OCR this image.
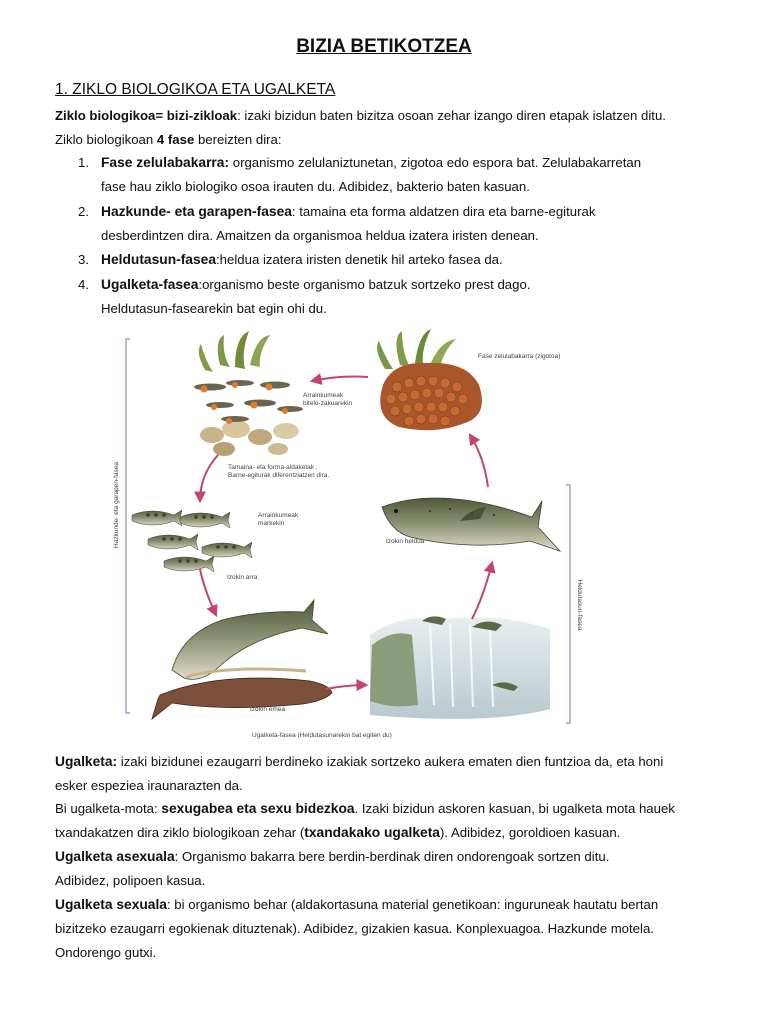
BIZIA BETIKOTZEA
1. ZIKLO BIOLOGIKOA ETA UGALKETA

Ziklo biologikoa= bizi-zikloak: izaki bizidun baten bizitza osoan zehar izango diren etapak islatzen ditu.
Ziklo biologikoan 4 fase bereizten dira:

1. Fase zelulabakarra: organismo zelulaniztunetan, zigotoa edo espora bat. Zelulabakarretan
fase hau ziklo biologiko osoa irauten du. Adibidez, bakterio baten kasuan.
2. Hazkunde- eta garapen-fasea: tamaina eta forma aldatzen dira eta barne-egiturak
desberdintzen dira. Amaitzen da organismoa heldua izatera iristen denean.
3. Heldutasun-fasea:heldua izatera iristen denetik hil arteko fasea da.
4. Ugalketa-fasea:organismo beste organismo batzuk sortzeko prest dago.
Heldutasun-fasearekin bat egin ohi du.
Hazkunde- eta garapen-fasea
Heldutasun-fasea
Arrainkumeak
bitelo-zakuarekin
Tamaina- eta forma-aldaketak .
Barne-egiturak diferentziatzen dira.
Fase zelulabakarra (zigotoa)
Arrainkumeak
markekin
Izokin heldua
Izokin arra
Izokin emea
Ugalketa-fasea (Heldutasunarekin bat egiten du)

Ugalketa: izaki bizidunei ezaugarri berdineko izakiak sortzeko aukera ematen dien funtzioa da, eta honi
esker espeziea iraunarazten da.

Bi ugalketa-mota: sexugabea eta sexu bidezkoa. Izaki bizidun askoren kasuan, bi ugalketa mota hauek
txandakatzen dira ziklo biologikoan zehar (txandakako ugalketa). Adibidez, goroldioen kasuan.

Ugalketa asexuala: Organismo bakarra bere berdin-berdinak diren ondorengoak sortzen ditu.
Adibidez, polipoen kasua.

Ugalketa sexuala: bi organismo behar (aldakortasuna material genetikoan: inguruneak hautatu bertan
bizitzeko ezaugarri egokienak dituztenak). Adibidez, gizakien kasua. Konplexuagoa. Hazkunde motela.
Ondorengo gutxi.
